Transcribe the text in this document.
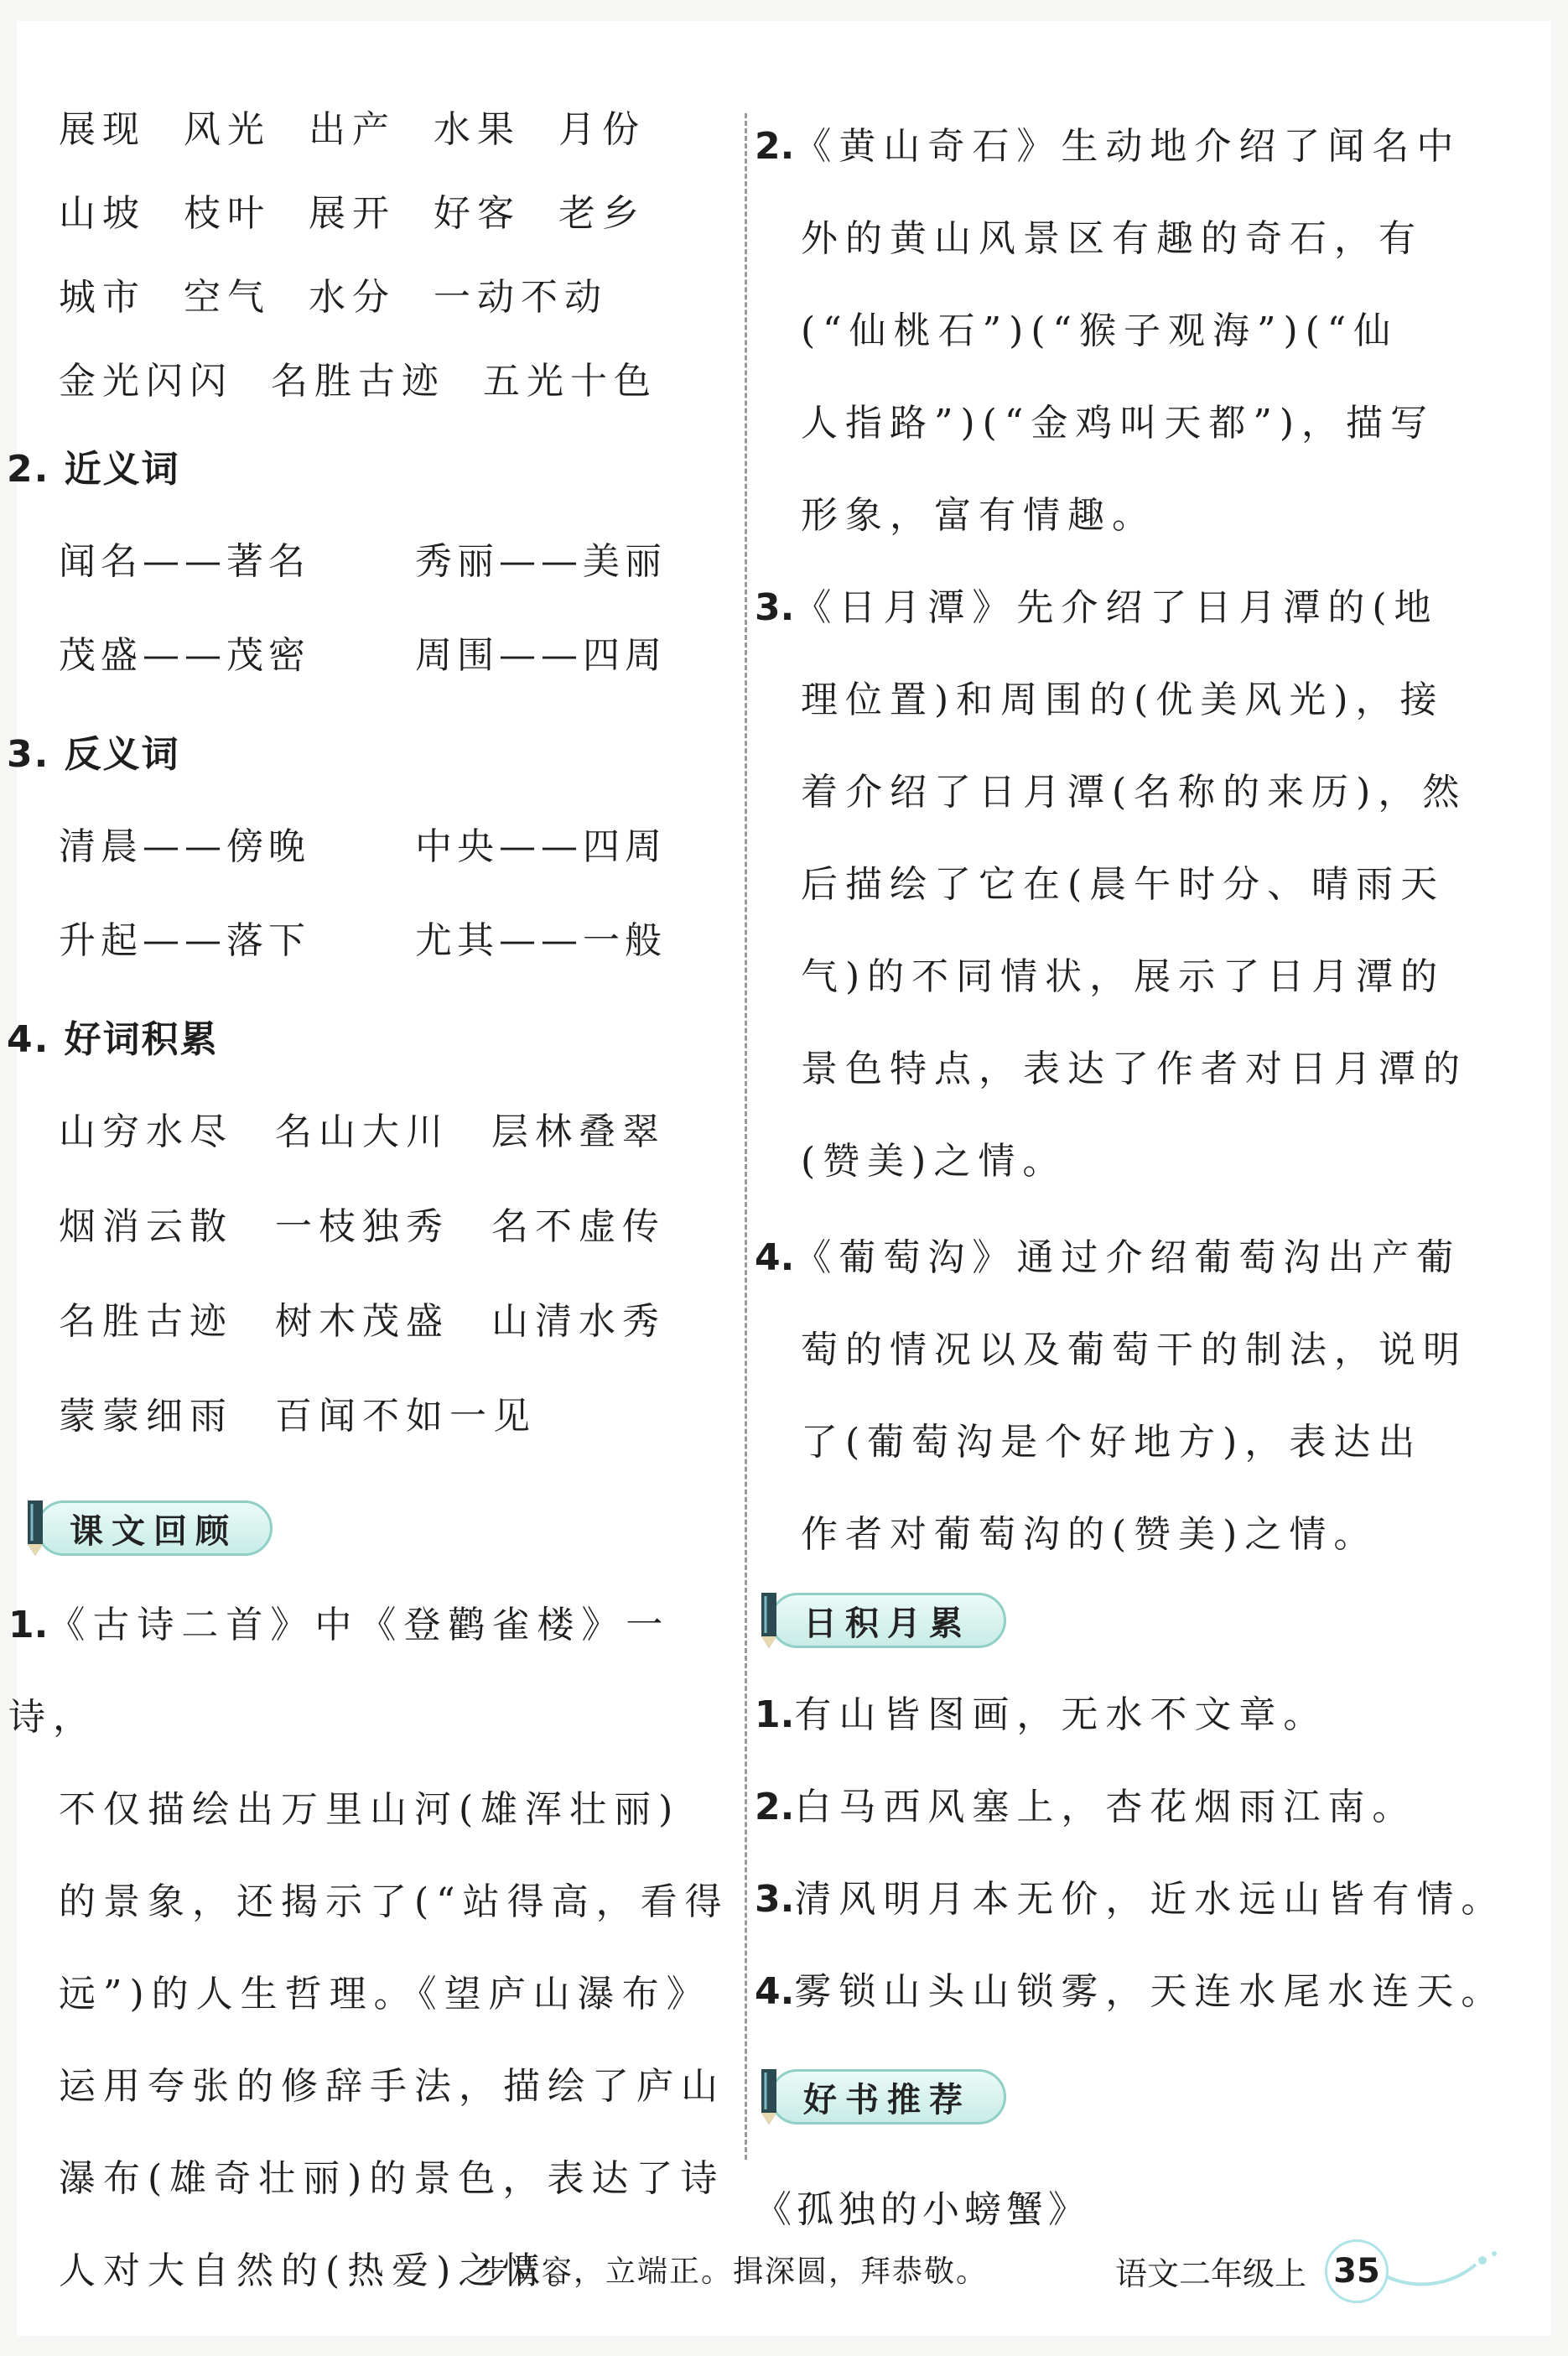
展现 风光 出产 水果 月份
山坡 枝叶 展开 好客 老乡
城市 空气 水分 一动不动
金光闪闪 名胜古迹 五光十色
2. 近义词
闻名——著名	秀丽——美丽
茂盛——茂密	周围——四周
3. 反义词
清晨——傍晚	中央——四周
升起——落下	尤其——一般
4. 好词积累
山穷水尽 名山大川 层林叠翠
烟消云散 一枝独秀 名不虚传
名胜古迹 树木茂盛 山清水秀
蒙蒙细雨 百闻不如一见
课文回顾
1.《古诗二首》中《登鹳雀楼》一诗，
不仅描绘出万里山河(雄浑壮丽)
的景象，还揭示了(“站得高，看得
远”)的人生哲理。《望庐山瀑布》
运用夸张的修辞手法，描绘了庐山
瀑布(雄奇壮丽)的景色，表达了诗
人对大自然的(热爱)之情。
2.《黄山奇石》生动地介绍了闻名中
外的黄山风景区有趣的奇石，有
(“仙桃石”)(“猴子观海”)(“仙
人指路”)(“金鸡叫天都”)，描写
形象，富有情趣。
3.《日月潭》先介绍了日月潭的(地
理位置)和周围的(优美风光)，接
着介绍了日月潭(名称的来历)，然
后描绘了它在(晨午时分、晴雨天
气)的不同情状，展示了日月潭的
景色特点，表达了作者对日月潭的
(赞美)之情。
4.《葡萄沟》通过介绍葡萄沟出产葡
萄的情况以及葡萄干的制法，说明
了(葡萄沟是个好地方)，表达出
作者对葡萄沟的(赞美)之情。
日积月累
1.有山皆图画，无水不文章。
2.白马西风塞上，杏花烟雨江南。
3.清风明月本无价，近水远山皆有情。
4.雾锁山头山锁雾，天连水尾水连天。
好书推荐
《孤独的小螃蟹》
步从容，立端正。揖深圆，拜恭敬。	语文二年级上 35
